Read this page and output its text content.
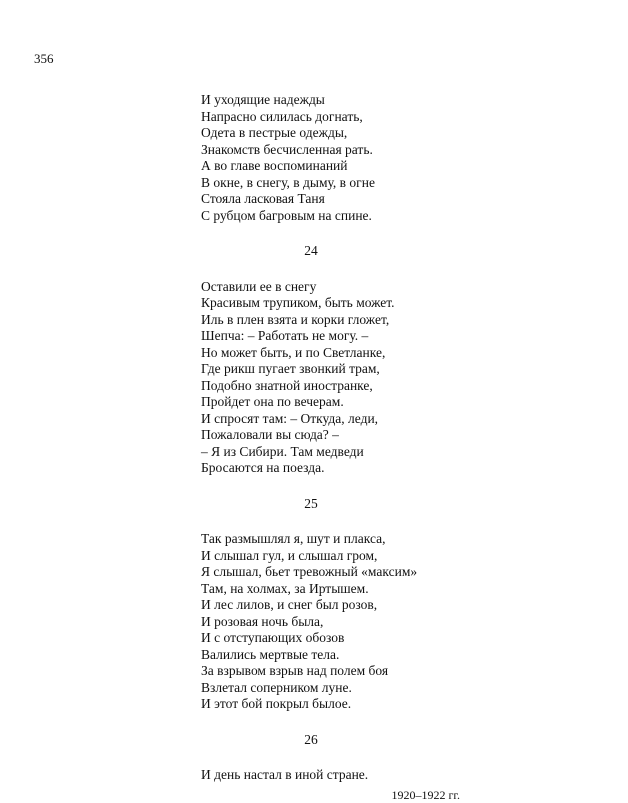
356
И уходящие надежды
Напрасно силилась догнать,
Одета в пестрые одежды,
Знакомств бесчисленная рать.
А во главе воспоминаний
В окне, в снегу, в дыму, в огне
Стояла ласковая Таня
С рубцом багровым на спине.
24
Оставили ее в снегу
Красивым трупиком, быть может.
Иль в плен взята и корки гложет,
Шепча: – Работать не могу. –
Но может быть, и по Светланке,
Где рикш пугает звонкий трам,
Подобно знатной иностранке,
Пройдет она по вечерам.
И спросят там: – Откуда, леди,
Пожаловали вы сюда? –
– Я из Сибири. Там медведи
Бросаются на поезда.
25
Так размышлял я, шут и плакса,
И слышал гул, и слышал гром,
Я слышал, бьет тревожный «максим»
Там, на холмах, за Иртышем.
И лес лилов, и снег был розов,
И розовая ночь была,
И с отступающих обозов
Валились мертвые тела.
За взрывом взрыв над полем боя
Взлетал соперником луне.
И этот бой покрыл былое.
26
И день настал в иной стране.
1920–1922 гг.
